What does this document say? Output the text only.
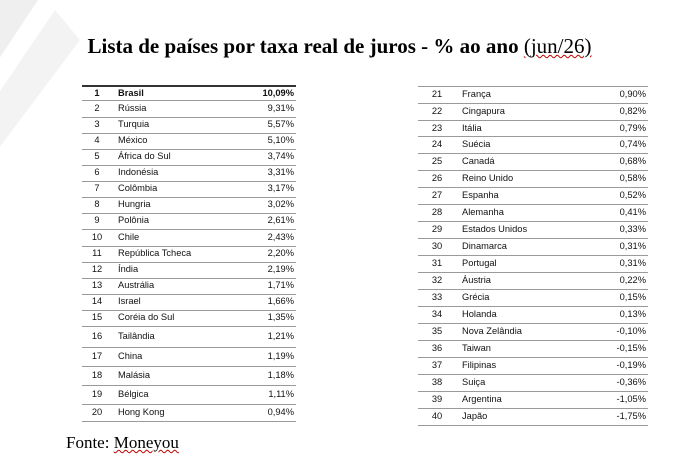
Lista de países por taxa real de juros - % ao ano (jun/26)
1	Brasil	10,09%
2	Rússia	9,31%
3	Turquia	5,57%
4	México	5,10%
5	África do Sul	3,74%
6	Indonésia	3,31%
7	Colômbia	3,17%
8	Hungria	3,02%
9	Polônia	2,61%
10	Chile	2,43%
11	República Tcheca	2,20%
12	Índia	2,19%
13	Austrália	1,71%
14	Israel	1,66%
15	Coréia do Sul	1,35%
16	Tailândia	1,21%
17	China	1,19%
18	Malásia	1,18%
19	Bélgica	1,11%
20	Hong Kong	0,94%
21	França	0,90%
22	Cingapura	0,82%
23	Itália	0,79%
24	Suécia	0,74%
25	Canadá	0,68%
26	Reino Unido	0,58%
27	Espanha	0,52%
28	Alemanha	0,41%
29	Estados Unidos	0,33%
30	Dinamarca	0,31%
31	Portugal	0,31%
32	Áustria	0,22%
33	Grécia	0,15%
34	Holanda	0,13%
35	Nova Zelândia	-0,10%
36	Taiwan	-0,15%
37	Filipinas	-0,19%
38	Suiça	-0,36%
39	Argentina	-1,05%
40	Japão	-1,75%
Fonte: Moneyou
